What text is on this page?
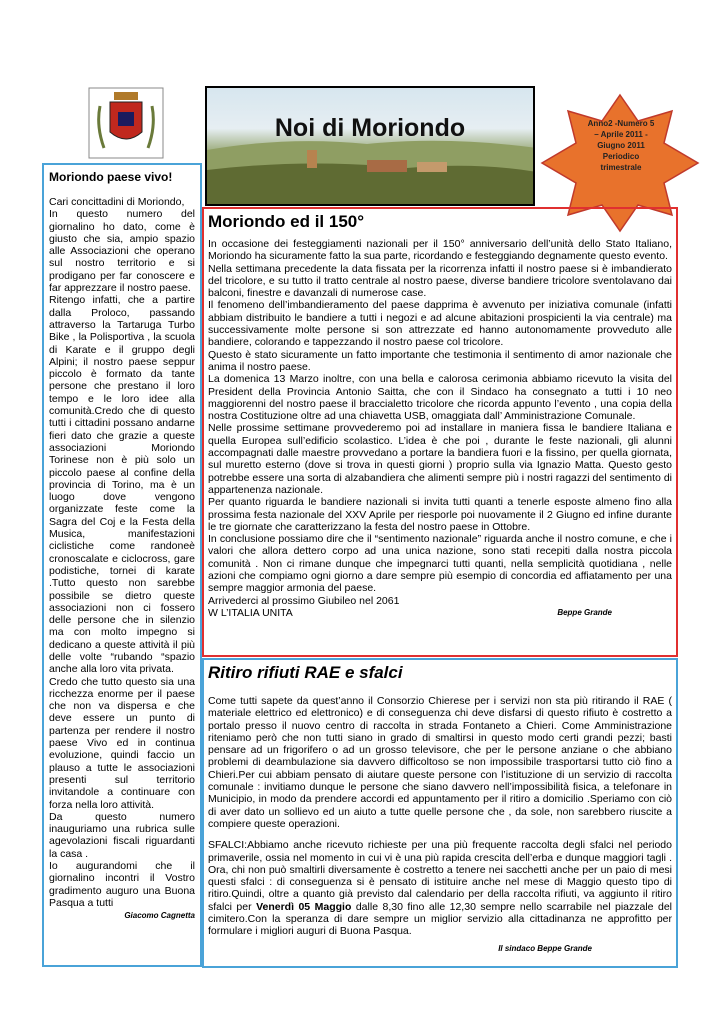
Noi di Moriondo	Anno2 -Numero 5
– Aprile 2011 -
Giugno 2011
Periodico
trimestrale
Moriondo paese vivo!

Cari concittadini di Moriondo,

In questo numero del giornalino ho dato, come è giusto che sia, ampio spazio alle Associazioni che operano sul nostro territorio e si prodigano per far conoscere e far apprezzare il nostro paese.

Ritengo infatti, che a partire dalla Proloco, passando attraverso la Tartaruga Turbo Bike , la Polisportiva , la scuola di Karate e il gruppo degli Alpini; il nostro paese seppur piccolo è formato da tante persone che prestano il loro tempo e le loro idee alla comunità.Credo che di questo tutti i cittadini possano andarne fieri dato che grazie a queste associazioni Moriondo Torinese non è più solo un piccolo paese al confine della provincia di Torino, ma è un luogo dove vengono organizzate feste come la Sagra del Coj e la Festa della Musica, manifestazioni ciclistiche come randoneè cronoscalate e ciclocross, gare podistiche, tornei di karate .Tutto questo non sarebbe possibile se dietro queste associazioni non ci fossero delle persone che in silenzio ma con molto impegno si dedicano a queste attività il più delle volte “rubando “spazio anche alla loro vita privata.

Credo che tutto questo sia una ricchezza enorme per il paese che non va dispersa e che deve essere un punto di partenza per rendere il nostro paese Vivo ed in continua evoluzione, quindi faccio un plauso a tutte le associazioni presenti sul territorio invitandole a continuare con forza nella loro attività.

Da questo numero inauguriamo una rubrica sulle agevolazioni fiscali riguardanti la casa .

Io augurandomi che il giornalino incontri il Vostro gradimento auguro una Buona Pasqua a tutti

Giacomo Cagnetta
Moriondo ed il 150°

In occasione dei festeggiamenti nazionali per il 150° anniversario dell’unità dello Stato Italiano, Moriondo ha sicuramente fatto la sua parte, ricordando e festeggiando degnamente questo evento.

Nella settimana precedente la data fissata per la ricorrenza infatti il nostro paese si è imbandierato del tricolore, e su tutto il tratto centrale al nostro paese, diverse bandiere tricolore sventolavano dai balconi, finestre e davanzali di numerose case.

Il fenomeno dell’imbandieramento del paese dapprima è avvenuto per iniziativa comunale (infatti abbiam distribuito le bandiere a tutti i negozi e ad alcune abitazioni prospicienti la via centrale) ma successivamente molte persone si son attrezzate ed hanno autonomamente provveduto alle bandiere, colorando e tappezzando il nostro paese col tricolore.

Questo è stato sicuramente un fatto importante che testimonia il sentimento di amor nazionale che anima il nostro paese.

La domenica 13 Marzo inoltre, con una bella e calorosa cerimonia abbiamo ricevuto la visita del President della Provincia Antonio Saitta, che con il Sindaco ha consegnato a tutti i 10 neo maggiorenni del nostro paese il braccialetto tricolore che ricorda appunto l’evento , una copia della nostra Costituzione oltre ad una chiavetta USB, omaggiata dall’ Amministrazione Comunale.

Nelle prossime settimane provvederemo poi ad installare in maniera fissa le bandiere Italiana e quella Europea sull’edificio scolastico. L’idea è che poi , durante le feste nazionali, gli alunni accompagnati dalle maestre provvedano a portare la bandiera fuori e la fissino, per quella giornata, sul muretto esterno (dove si trova in questi giorni ) proprio sulla via Ignazio Matta. Questo gesto potrebbe essere una sorta di alzabandiera che alimenti sempre più i nostri ragazzi del sentimento di appartenenza nazionale.

Per quanto riguarda le bandiere nazionali si invita tutti quanti a tenerle esposte almeno fino alla prossima festa nazionale del XXV Aprile per riesporle poi nuovamente il 2 Giugno ed infine durante le tre giornate che caratterizzano la festa del nostro paese in Ottobre.

In conclusione possiamo dire che il “sentimento nazionale” riguarda anche il nostro comune, e che i valori che allora dettero corpo ad una unica nazione, sono stati recepiti dalla nostra piccola comunità . Non ci rimane dunque che impegnarci tutti quanti, nella semplicità quotidiana , nelle azioni che compiamo ogni giorno a dare sempre più esempio di concordia ed affiatamento per una sempre maggior armonia del paese.

Arrivederci al prossimo Giubileo nel 2061

W L’ITALIA UNITA	Beppe Grande

Ritiro rifiuti RAE e sfalci

Come tutti sapete da quest’anno il Consorzio Chierese per i servizi non sta più ritirando il RAE ( materiale elettrico ed elettronico) e di conseguenza chi deve disfarsi di questo rifiuto è costretto a portalo presso il nuovo centro di raccolta in strada Fontaneto a Chieri. Come Amministrazione riteniamo però che non tutti siano in grado di smaltirsi in questo modo certi grandi pezzi; basti pensare ad un frigorifero o ad un grosso televisore, che per le persone anziane o che abbiano problemi di deambulazione sia davvero difficoltoso se non impossibile trasportarsi tutto ciò fino a Chieri.Per cui abbiam pensato di aiutare queste persone con l’istituzione di un servizio di raccolta comunale : invitiamo dunque le persone che siano davvero nell’impossibilità fisica, a telefonare in Municipio, in modo da prendere accordi ed appuntamento per il ritiro a domicilio .Speriamo con ciò di aver dato un sollievo ed un aiuto a tutte quelle persone che , da sole, non sarebbero riuscite a compiere queste operazioni.

SFALCI:Abbiamo anche ricevuto richieste per una più frequente raccolta degli sfalci nel periodo primaverile, ossia nel momento in cui vi è una più rapida crescita dell’erba e dunque maggiori tagli . Ora, chi non può smaltirli diversamente è costretto a tenere nei sacchetti anche per un paio di mesi questi sfalci : di conseguenza si è pensato di istituire anche nel mese di Maggio questo tipo di ritiro.Quindi, oltre a quanto già previsto dal calendario per della raccolta rifiuti, va aggiunto il ritiro sfalci per Venerdì 05 Maggio dalle 8,30 fino alle 12,30 sempre nello scarrabile nel piazzale del cimitero.Con la speranza di dare sempre un miglior servizio alla cittadinanza ne approfitto per formulare i migliori auguri di Buona Pasqua.

Il sindaco Beppe Grande
